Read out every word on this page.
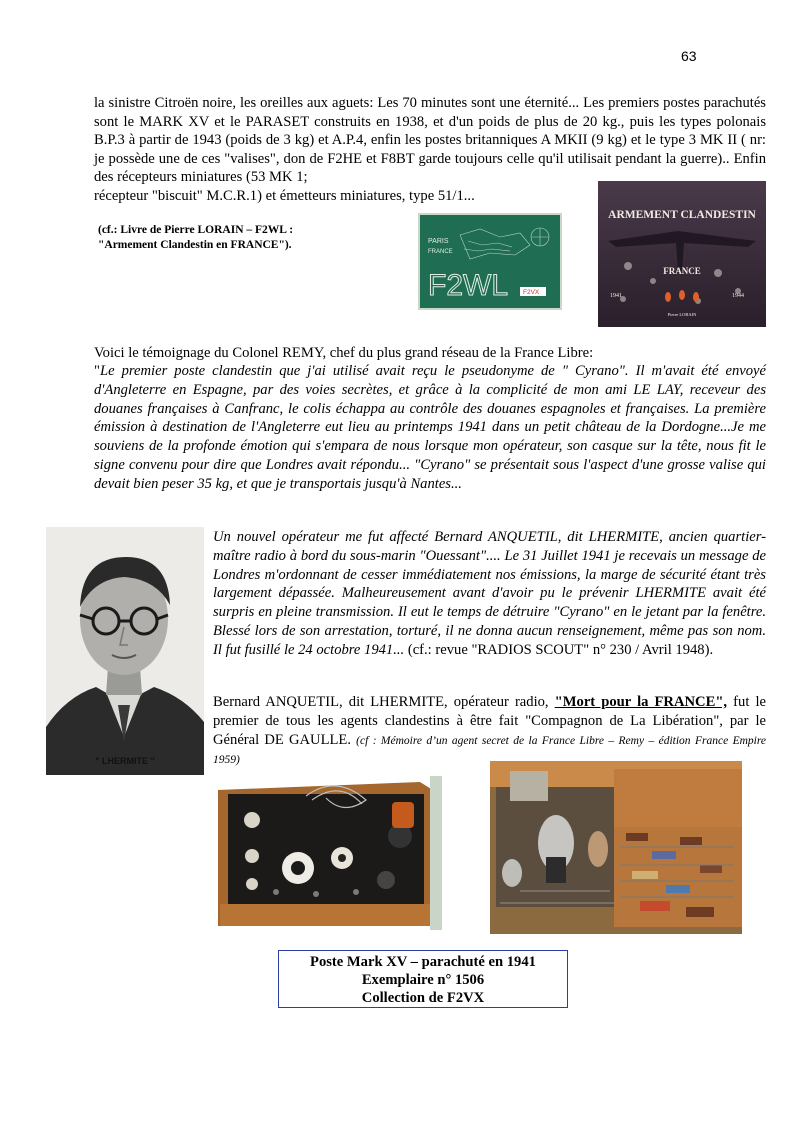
63

la sinistre Citroën noire, les oreilles aux aguets: Les 70 minutes sont une éternité... Les premiers postes parachutés sont le MARK XV et le PARASET construits en 1938, et d'un poids de plus de 20 kg., puis les types polonais B.P.3 à partir de 1943 (poids de 3 kg) et A.P.4, enfin les postes britanniques A MKII (9 kg) et le type 3 MK II ( nr: je possède une de ces "valises", don de F2HE et F8BT garde toujours celle qu'il utilisait pendant la guerre).. Enfin des récepteurs miniatures (53 MK 1;

récepteur "biscuit" M.C.R.1) et émetteurs miniatures, type 51/1...

(cf.: Livre de Pierre LORAIN – F2WL :
"Armement Clandestin en FRANCE").	PARIS
FRANCE
F2WL F2VX
ARMEMENT CLANDESTIN
FRANCE
1941	1944
Pierre LORAIN
Voici le témoignage du Colonel REMY, chef du plus grand réseau de la France Libre:
"Le premier poste clandestin que j'ai utilisé avait reçu le pseudonyme de " Cyrano". Il m'avait été envoyé d'Angleterre en Espagne, par des voies secrètes, et grâce à la complicité de mon ami LE LAY, receveur des douanes françaises à Canfranc, le colis échappa au contrôle des douanes espagnoles et françaises. La première émission à destination de l'Angleterre eut lieu au printemps 1941 dans un petit château de la Dordogne...Je me souviens de la profonde émotion qui s'empara de nous lorsque mon opérateur, son casque sur la tête, nous fit le signe convenu pour dire que Londres avait répondu... "Cyrano" se présentait sous l'aspect d'une grosse valise qui devait bien peser 35 kg, et que je transportais jusqu'à Nantes...
" LHERMITE "
Un nouvel opérateur me fut affecté Bernard ANQUETIL, dit LHERMITE, ancien quartier-maître radio à bord du sous-marin "Ouessant".... Le 31 Juillet 1941 je recevais un message de Londres m'ordonnant de cesser immédiatement nos émissions, la marge de sécurité étant très largement dépassée. Malheureusement avant d'avoir pu le prévenir LHERMITE avait été surpris en pleine transmission. Il eut le temps de détruire "Cyrano" en le jetant par la fenêtre. Blessé lors de son arrestation, torturé, il ne donna aucun renseignement, même pas son nom. Il fut fusillé le 24 octobre 1941... (cf.: revue "RADIOS SCOUT" n° 230 / Avril 1948).
Bernard ANQUETIL, dit LHERMITE, opérateur radio, "Mort pour la FRANCE", fut le premier de tous les agents clandestins à être fait "Compagnon de La Libération", par le Général DE GAULLE. (cf : Mémoire d’un agent secret de la France Libre – Remy – édition France Empire 1959)
Poste Mark XV – parachuté en 1941
Exemplaire n° 1506
Collection de F2VX
